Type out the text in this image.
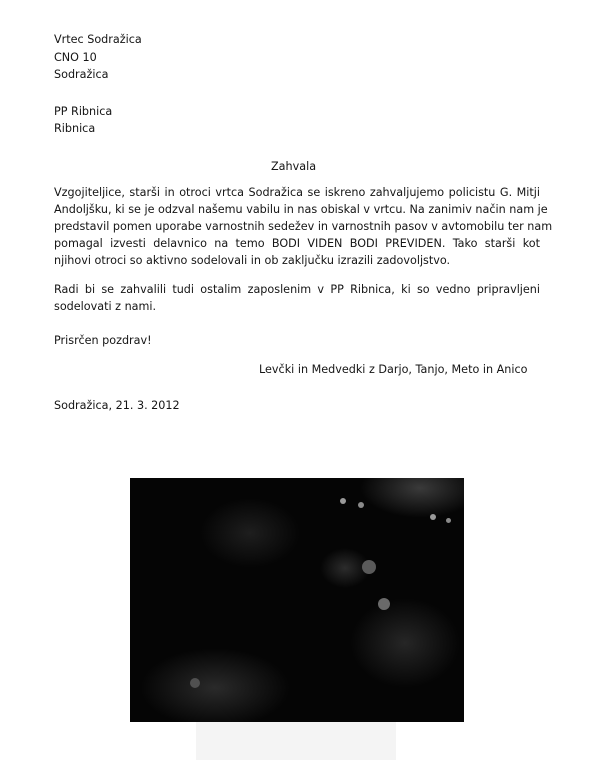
Vrtec Sodražica
CNO 10
Sodražica
PP Ribnica
Ribnica
Zahvala
Vzgojiteljice, starši in otroci vrtca Sodražica se iskreno zahvaljujemo policistu G. Mitji
Andoljšku, ki se je odzval našemu vabilu in nas obiskal v vrtcu. Na zanimiv način nam je
predstavil pomen uporabe varnostnih sedežev in varnostnih pasov v avtomobilu ter nam
pomagal izvesti delavnico na temo BODI VIDEN BODI PREVIDEN. Tako starši kot
njihovi otroci so aktivno sodelovali in ob zaključku izrazili zadovoljstvo.
Radi bi se zahvalili tudi ostalim zaposlenim v PP Ribnica, ki so vedno pripravljeni
sodelovati z nami.
Prisrčen pozdrav!
Levčki in Medvedki z Darjo, Tanjo, Meto in Anico
Sodražica, 21. 3. 2012
